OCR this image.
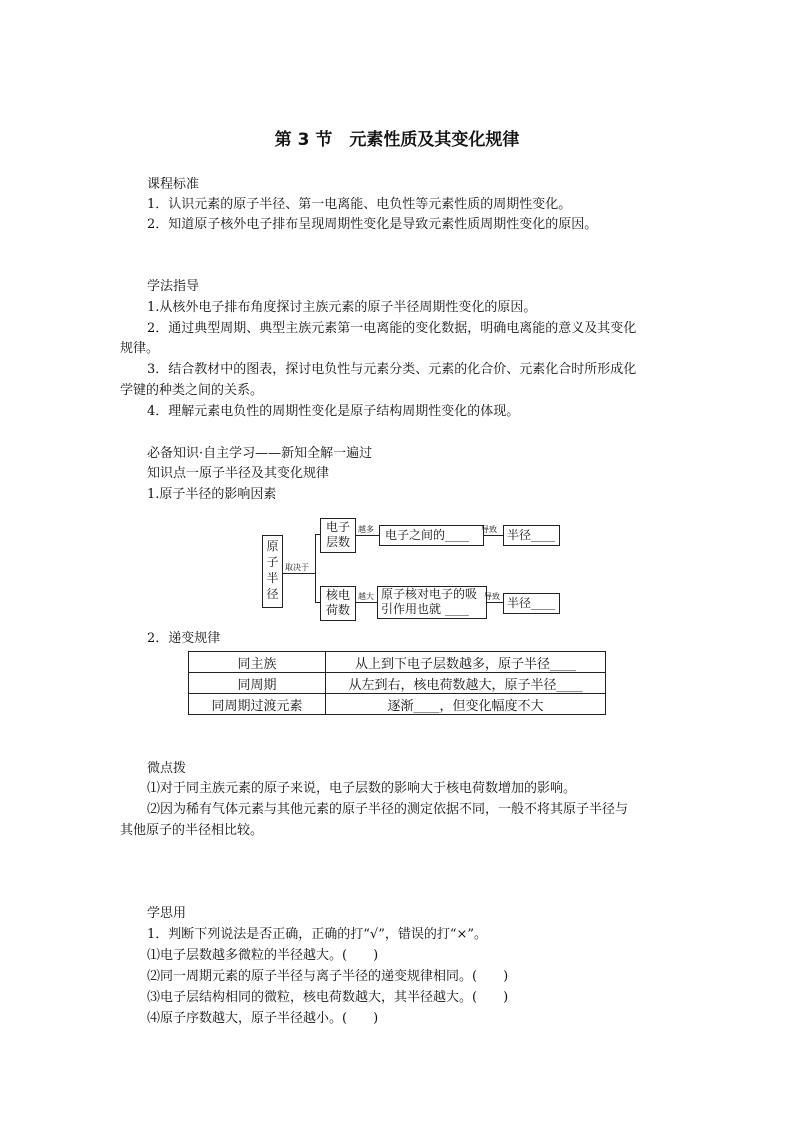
第 3 节　元素性质及其变化规律
课程标准
1．认识元素的原子半径、第一电离能、电负性等元素性质的周期性变化。
2．知道原子核外电子排布呈现周期性变化是导致元素性质周期性变化的原因。
学法指导
1.从核外电子排布角度探讨主族元素的原子半径周期性变化的原因。
2．通过典型周期、典型主族元素第一电离能的变化数据，明确电离能的意义及其变化
规律。
3．结合教材中的图表，探讨电负性与元素分类、元素的化合价、元素化合时所形成化
学键的种类之间的关系。
4．理解元素电负性的周期性变化是原子结构周期性变化的体现。
必备知识·自主学习——新知全解一遍过
知识点一原子半径及其变化规律
1.原子半径的影响因素
原子半径
取决于
电子层数
越多 电子之间的____	导致 半径____
核电荷数
越大 原子核对电子的吸
引作用也就 ____
导致 半径____
2．递变规律
同主族	从上到下电子层数越多，原子半径____
同周期	从左到右，核电荷数越大，原子半径____
同周期过渡元素	逐渐____，但变化幅度不大
微点拨
⑴对于同主族元素的原子来说，电子层数的影响大于核电荷数增加的影响。
⑵因为稀有气体元素与其他元素的原子半径的测定依据不同，一般不将其原子半径与
其他原子的半径相比较。
学思用
1．判断下列说法是否正确，正确的打“√”，错误的打“×”。
⑴电子层数越多微粒的半径越大。(　　)
⑵同一周期元素的原子半径与离子半径的递变规律相同。(　　)
⑶电子层结构相同的微粒，核电荷数越大，其半径越大。(　　)
⑷原子序数越大，原子半径越小。(　　)
